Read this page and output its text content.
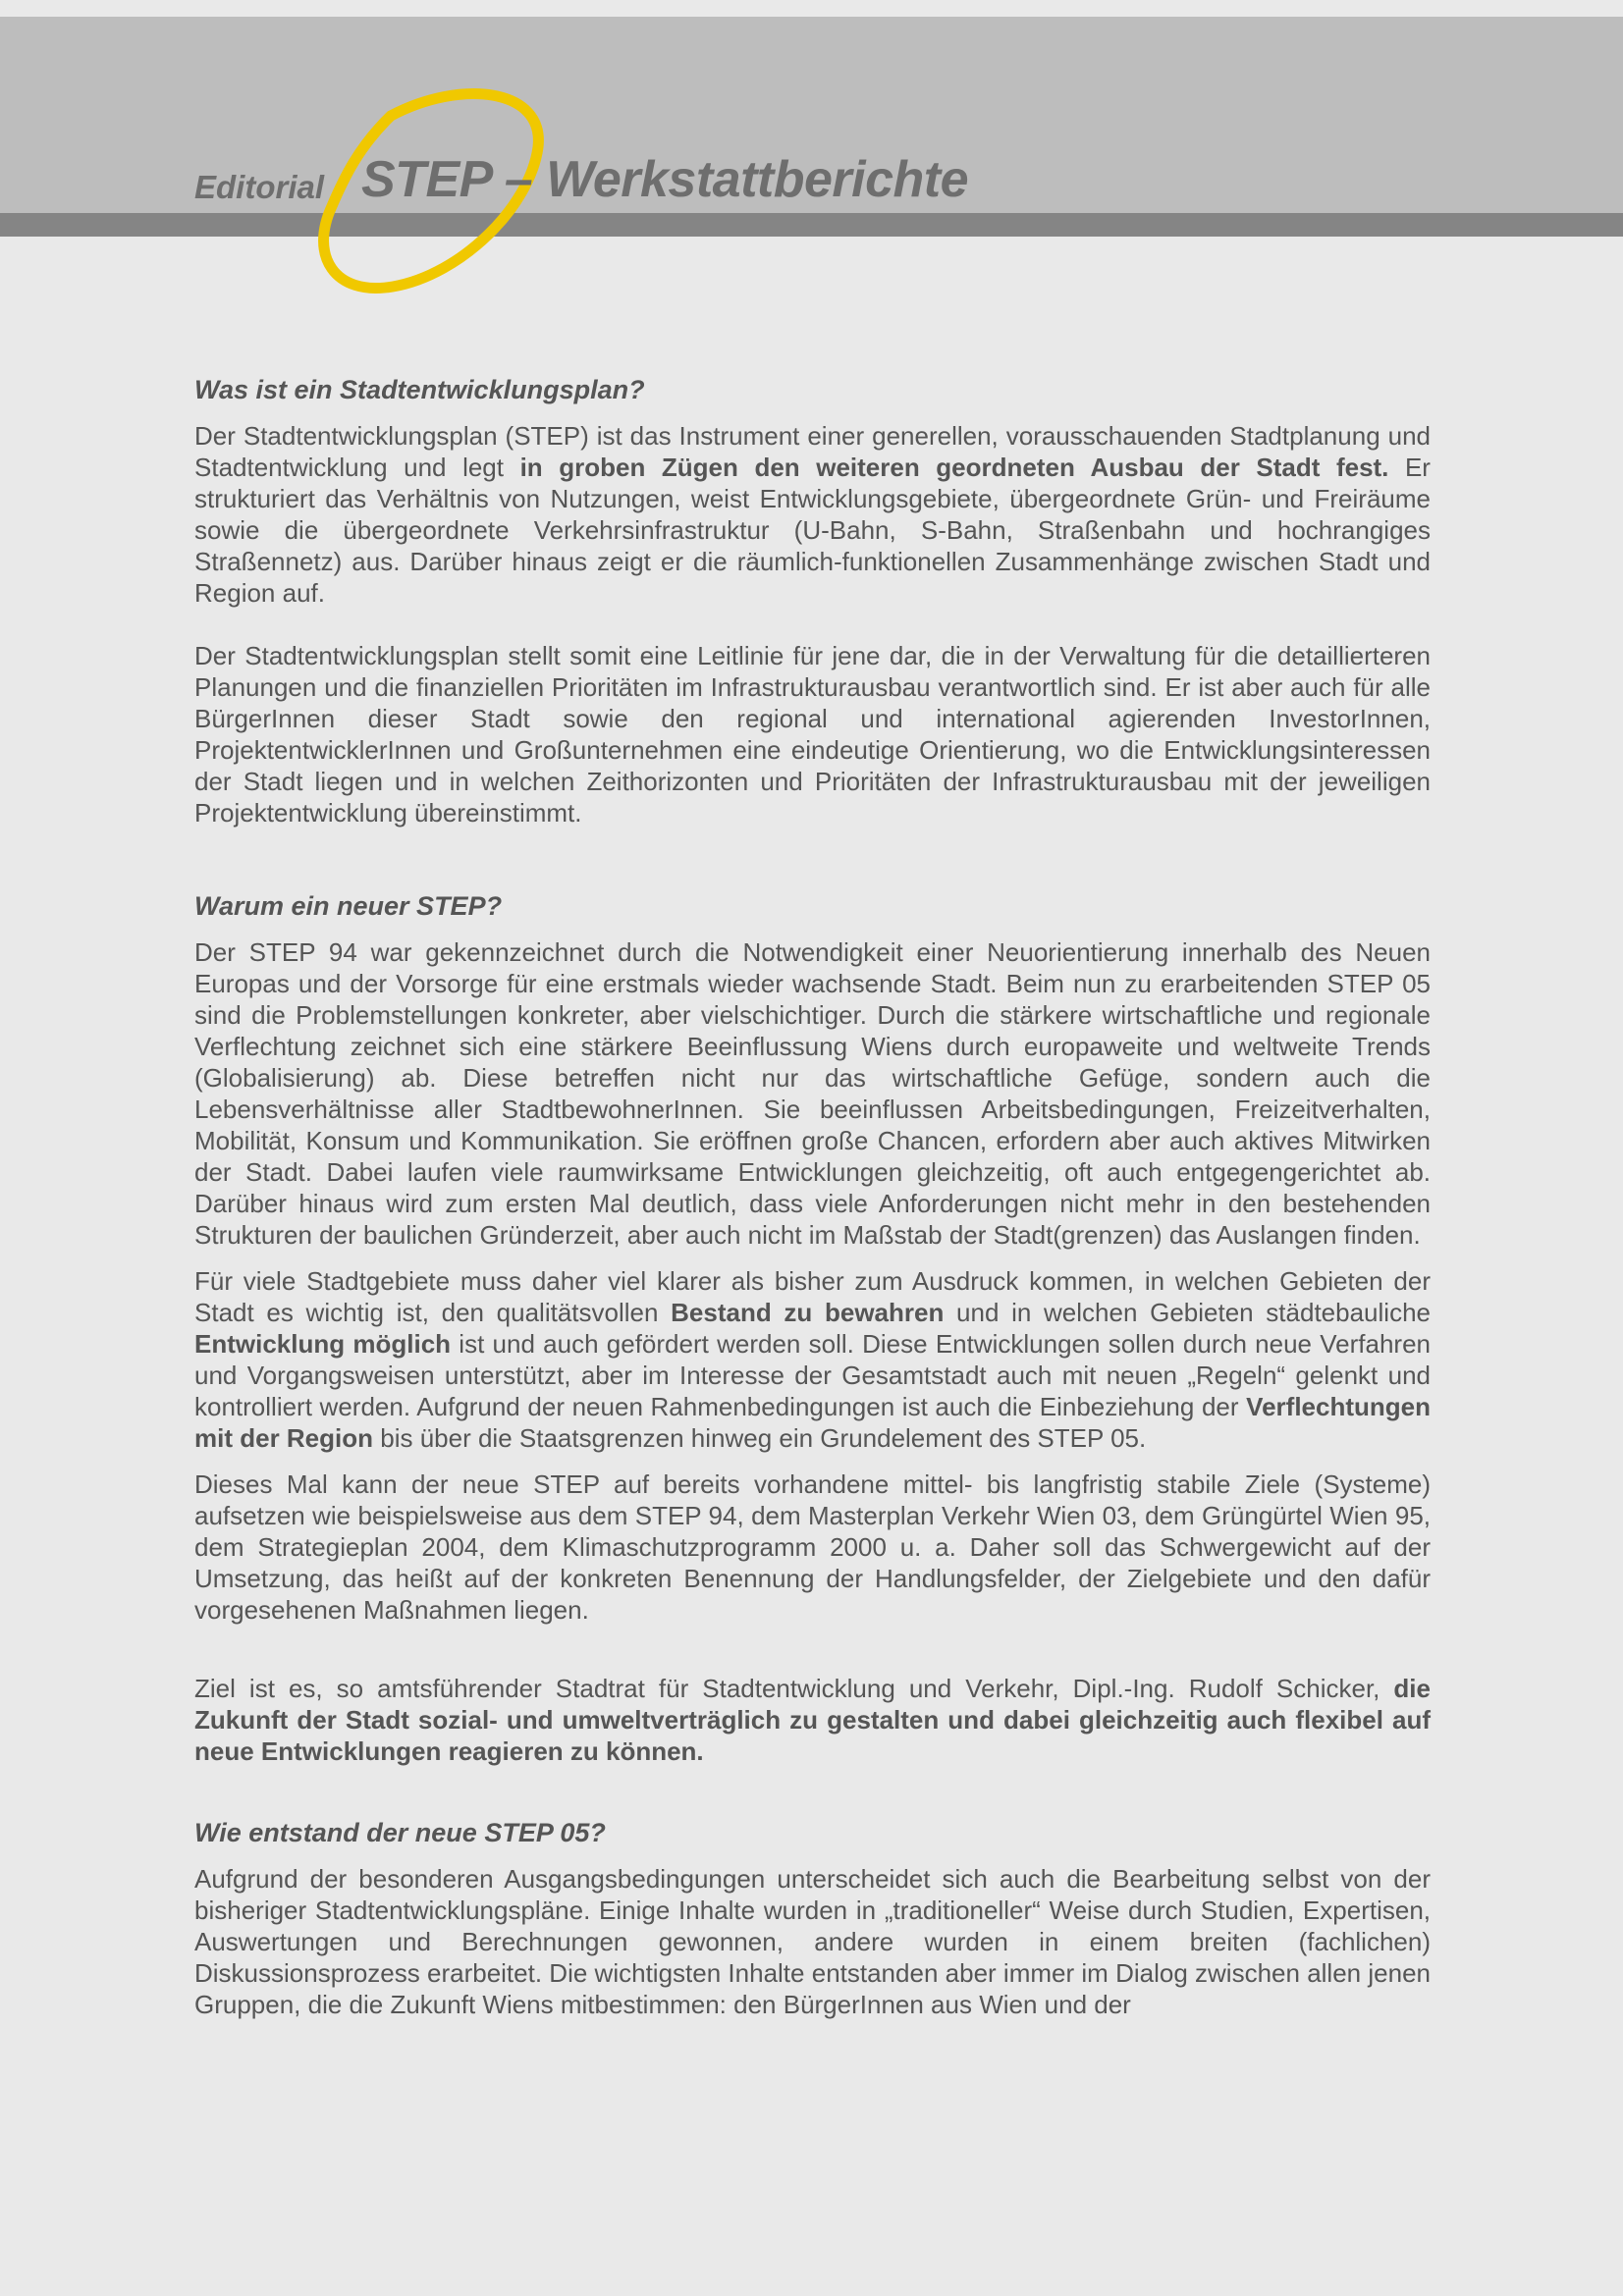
Editorial STEP – Werkstattberichte
Was ist ein Stadtentwicklungsplan?

Der Stadtentwicklungsplan (STEP) ist das Instrument einer generellen, vorausschauenden Stadtplanung und Stadtentwicklung und legt in groben Zügen den weiteren geordneten Ausbau der Stadt fest. Er strukturiert das Verhältnis von Nutzungen, weist Entwicklungsgebiete, übergeordnete Grün- und Freiräume sowie die übergeordnete Verkehrsinfrastruktur (U-Bahn, S-Bahn, Straßenbahn und hochrangiges Straßennetz) aus. Darüber hinaus zeigt er die räumlich-funktionellen Zusammenhänge zwischen Stadt und Region auf.

Der Stadtentwicklungsplan stellt somit eine Leitlinie für jene dar, die in der Verwaltung für die detaillierteren Planungen und die finanziellen Prioritäten im Infrastrukturausbau verantwortlich sind. Er ist aber auch für alle BürgerInnen dieser Stadt sowie den regional und international agierenden InvestorInnen, ProjektentwicklerInnen und Großunternehmen eine eindeutige Orientierung, wo die Entwicklungsinteressen der Stadt liegen und in welchen Zeithorizonten und Prioritäten der Infrastrukturausbau mit der jeweiligen Projektentwicklung übereinstimmt.

Warum ein neuer STEP?

Der STEP 94 war gekennzeichnet durch die Notwendigkeit einer Neuorientierung innerhalb des Neuen Europas und der Vorsorge für eine erstmals wieder wachsende Stadt. Beim nun zu erarbeitenden STEP 05 sind die Problemstellungen konkreter, aber vielschichtiger. Durch die stärkere wirtschaftliche und regionale Verflechtung zeichnet sich eine stärkere Beeinflussung Wiens durch europaweite und weltweite Trends (Globalisierung) ab. Diese betreffen nicht nur das wirtschaftliche Gefüge, sondern auch die Lebensverhältnisse aller StadtbewohnerInnen. Sie beeinflussen Arbeitsbedingungen, Freizeitverhalten, Mobilität, Konsum und Kommunikation. Sie eröffnen große Chancen, erfordern aber auch aktives Mitwirken der Stadt. Dabei laufen viele raumwirksame Entwicklungen gleichzeitig, oft auch entgegengerichtet ab. Darüber hinaus wird zum ersten Mal deutlich, dass viele Anforderungen nicht mehr in den bestehenden Strukturen der baulichen Gründerzeit, aber auch nicht im Maßstab der Stadt(grenzen) das Auslangen finden.

Für viele Stadtgebiete muss daher viel klarer als bisher zum Ausdruck kommen, in welchen Gebieten der Stadt es wichtig ist, den qualitätsvollen Bestand zu bewahren und in welchen Gebieten städtebauliche Entwicklung möglich ist und auch gefördert werden soll. Diese Entwicklungen sollen durch neue Verfahren und Vorgangsweisen unterstützt, aber im Interesse der Gesamtstadt auch mit neuen „Regeln“ gelenkt und kontrolliert werden. Aufgrund der neuen Rahmenbedingungen ist auch die Einbeziehung der Verflechtungen mit der Region bis über die Staatsgrenzen hinweg ein Grundelement des STEP 05.

Dieses Mal kann der neue STEP auf bereits vorhandene mittel- bis langfristig stabile Ziele (Systeme) aufsetzen wie beispielsweise aus dem STEP 94, dem Masterplan Verkehr Wien 03, dem Grüngürtel Wien 95, dem Strategieplan 2004, dem Klimaschutzprogramm 2000 u. a. Daher soll das Schwergewicht auf der Umsetzung, das heißt auf der konkreten Benennung der Handlungsfelder, der Zielgebiete und den dafür vorgesehenen Maßnahmen liegen.

Ziel ist es, so amtsführender Stadtrat für Stadtentwicklung und Verkehr, Dipl.-Ing. Rudolf Schicker, die Zukunft der Stadt sozial- und umweltverträglich zu gestalten und dabei gleichzeitig auch flexibel auf neue Entwicklungen reagieren zu können.

Wie entstand der neue STEP 05?

Aufgrund der besonderen Ausgangsbedingungen unterscheidet sich auch die Bearbeitung selbst von der bisheriger Stadtentwicklungspläne. Einige Inhalte wurden in „traditioneller“ Weise durch Studien, Expertisen, Auswertungen und Berechnungen gewonnen, andere wurden in einem breiten (fachlichen) Diskussionsprozess erarbeitet. Die wichtigsten Inhalte entstanden aber immer im Dialog zwischen allen jenen Gruppen, die die Zukunft Wiens mitbestimmen: den BürgerInnen aus Wien und der
